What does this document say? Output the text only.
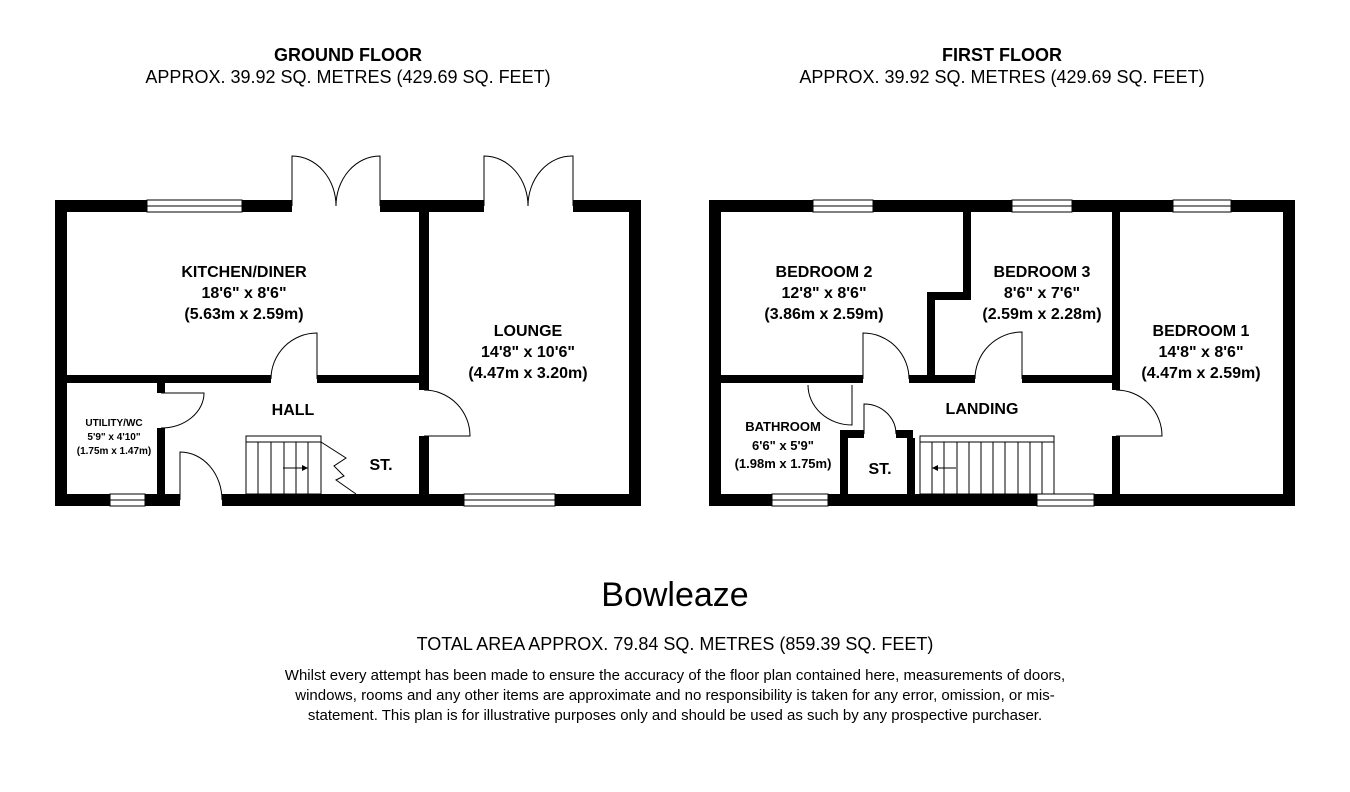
GROUND FLOOR
APPROX. 39.92 SQ. METRES (429.69 SQ. FEET)
FIRST FLOOR
APPROX. 39.92 SQ. METRES (429.69 SQ. FEET)
KITCHEN/DINER
18'6" x 8'6"
(5.63m x 2.59m)
LOUNGE
14'8" x 10'6"
(4.47m x 3.20m)
UTILITY/WC
5'9" x 4'10"
(1.75m x 1.47m)
HALL
ST.
BEDROOM 2
12'8" x 8'6"
(3.86m x 2.59m)
BEDROOM 3
8'6" x 7'6"
(2.59m x 2.28m)
BEDROOM 1
14'8" x 8'6"
(4.47m x 2.59m)
BATHROOM
6'6" x 5'9"
(1.98m x 1.75m)
LANDING
ST.
Bowleaze
TOTAL AREA APPROX. 79.84 SQ. METRES (859.39 SQ. FEET)
Whilst every attempt has been made to ensure the accuracy of the floor plan contained here, measurements of doors, windows, rooms and any other items are approximate and no responsibility is taken for any error, omission, or mis-statement. This plan is for illustrative purposes only and should be used as such by any prospective purchaser.
